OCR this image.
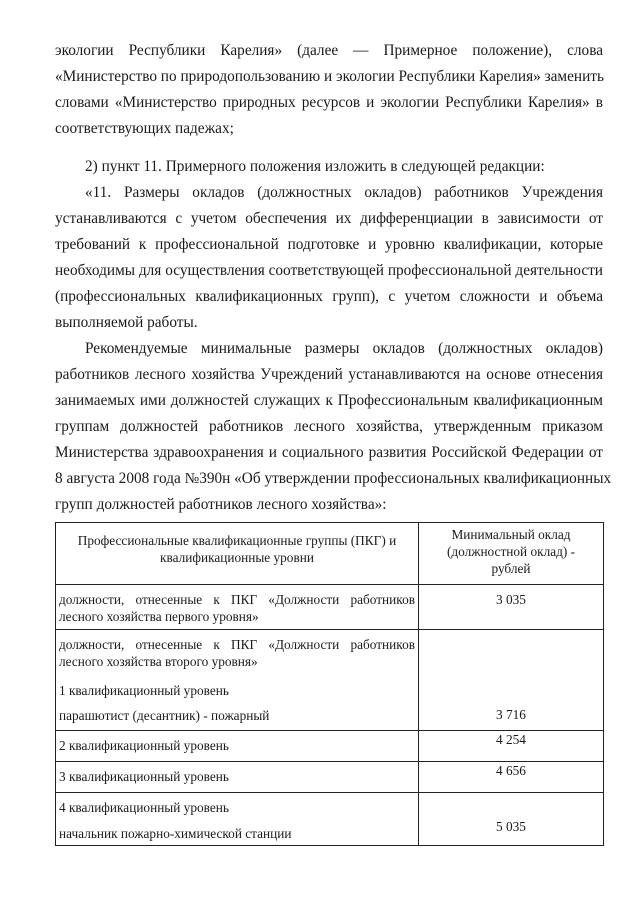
экологии Республики Карелия» (далее — Примерное положение), слова
«Министерство по природопользованию и экологии Республики Карелия» заменить
словами «Министерство природных ресурсов и экологии Республики Карелия» в
соответствующих падежах;
2) пункт 11. Примерного положения изложить в следующей редакции:
«11. Размеры окладов (должностных окладов) работников Учреждения
устанавливаются с учетом обеспечения их дифференциации в зависимости от
требований к профессиональной подготовке и уровню квалификации, которые
необходимы для осуществления соответствующей профессиональной деятельности
(профессиональных квалификационных групп), с учетом сложности и объема
выполняемой работы.
Рекомендуемые минимальные размеры окладов (должностных окладов)
работников лесного хозяйства Учреждений устанавливаются на основе отнесения
занимаемых ими должностей служащих к Профессиональным квалификационным
группам должностей работников лесного хозяйства, утвержденным приказом
Министерства здравоохранения и социального развития Российской Федерации от
8 августа 2008 года №390н «Об утверждении профессиональных квалификационных
групп должностей работников лесного хозяйства»:
Профессиональные квалификационные группы (ПКГ) и
квалификационные уровни	Минимальный оклад
(должностной оклад) -
рублей

должности, отнесенные к ПКГ «Должности работников
лесного хозяйства первого уровня»	3 035

должности, отнесенные к ПКГ «Должности работников
лесного хозяйства второго уровня»
1 квалификационный уровень
парашютист (десантник) - пожарный	3 716

2 квалификационный уровень	4 254

3 квалификационный уровень	4 656

4 квалификационный уровень
начальник пожарно-химической станции	5 035
